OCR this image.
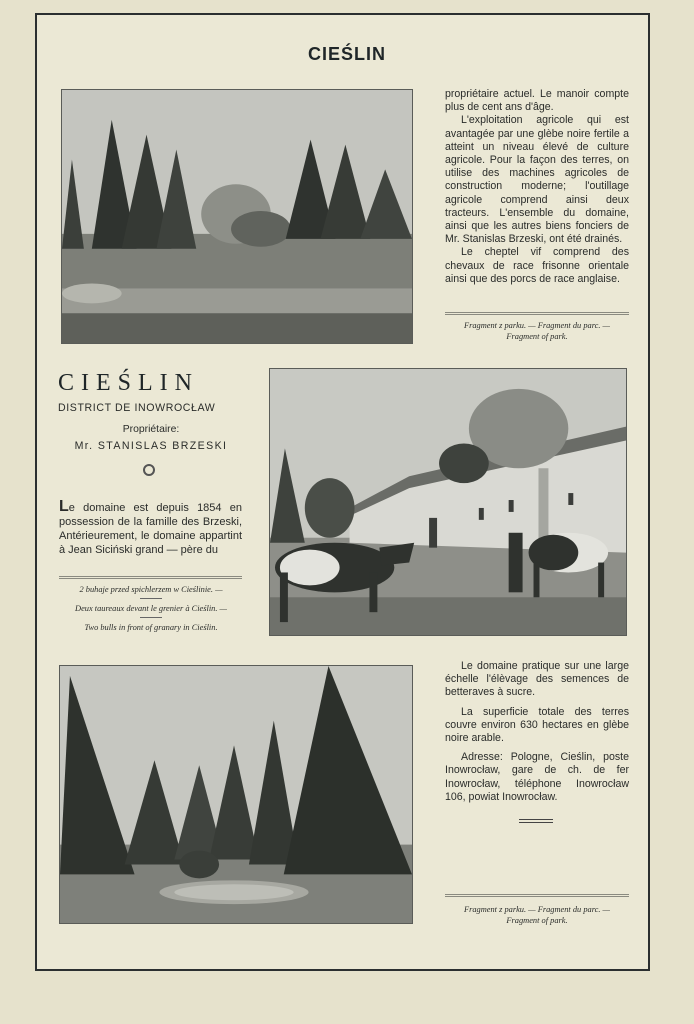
CIEŚLIN

propriétaire actuel. Le manoir compte plus de cent ans d'âge.

L'exploitation agricole qui est avantagée par une glèbe noire fertile a atteint un niveau élevé de culture agricole. Pour la façon des terres, on utilise des machines agricoles de construction moderne; l'outillage agricole comprend ainsi deux tracteurs. L'ensemble du domaine, ainsi que les autres biens fonciers de Mr. Stanislas Brzeski, ont été drainés.

Le cheptel vif comprend des chevaux de race frisonne orientale ainsi que des porcs de race anglaise.

Fragment z parku. — Fragment du parc. —
Fragment of park.
CIEŚLIN
DISTRICT DE INOWROCŁAW
Propriétaire:
Mr. STANISLAS BRZESKI

Le domaine est depuis 1854 en possession de la famille des Brzeski, Antérieurement, le domaine appartint à Jean Siciński grand — père du

2 buhaje przed spichlerzem w Cieślinie. —
Deux taureaux devant le grenier à Cieślin. —
Two bulls in front of granary in Cieślin.

Le domaine pratique sur une large échelle l'élèvage des semences de betteraves à sucre.

La superficie totale des terres couvre environ 630 hectares en glèbe noire arable.

Adresse: Pologne, Cieślin, poste Inowrocław, gare de ch. de fer Inowrocław, téléphone Inowrocław 106, powiat Inowrocław.

Fragment z parku. — Fragment du parc. —
Fragment of park.
